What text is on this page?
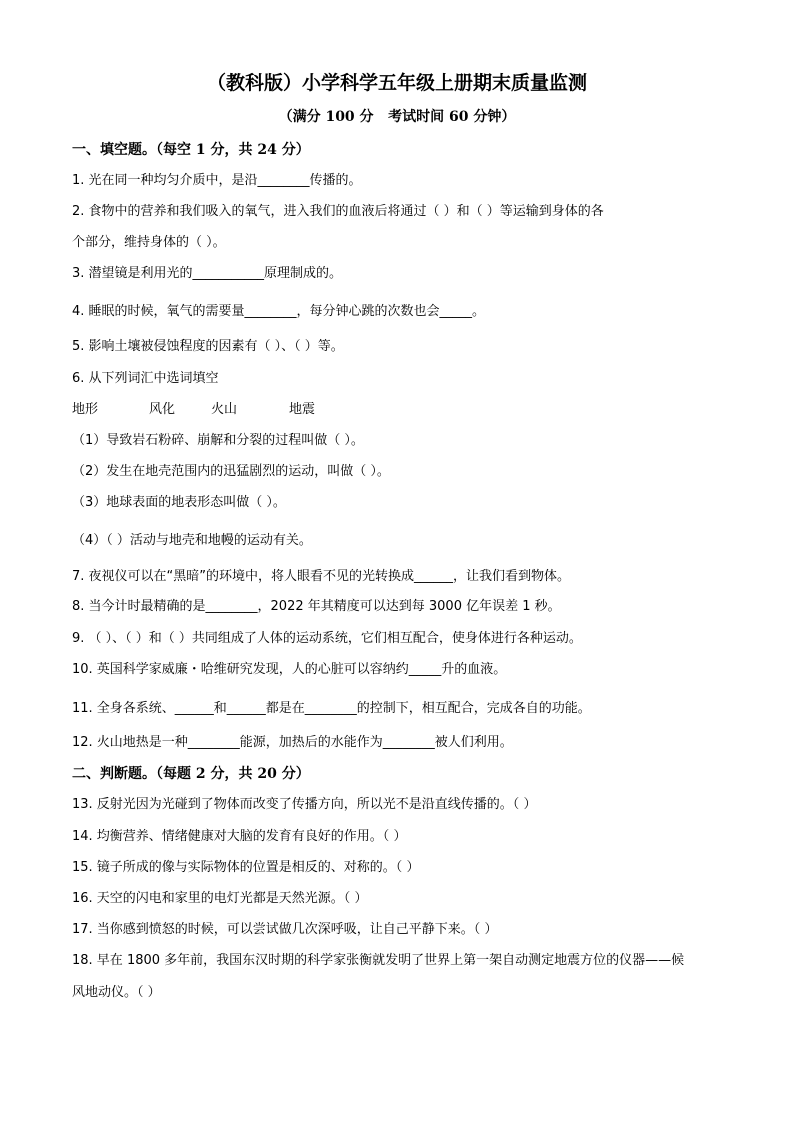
（教科版）小学科学五年级上册期末质量监测
（满分 100 分   考试时间 60 分钟）
一、填空题。（每空 1 分，共 24 分）
1. 光在同一种均匀介质中，是沿________传播的。
2. 食物中的营养和我们吸入的氧气，进入我们的血液后将通过（ ）和（ ）等运输到身体的各
个部分，维持身体的（ ）。
3. 潜望镜是利用光的___________原理制成的。
4. 睡眠的时候，氧气的需要量________，每分钟心跳的次数也会_____。
5. 影响土壤被侵蚀程度的因素有（ ）、（ ）等。
6. 从下列词汇中选词填空
地形	风化	火山	地震
（1）导致岩石粉碎、崩解和分裂的过程叫做（ ）。
（2）发生在地壳范围内的迅猛剧烈的运动，叫做（ ）。
（3）地球表面的地表形态叫做（ ）。
（4）（ ）活动与地壳和地幔的运动有关。
7. 夜视仪可以在“黑暗”的环境中，将人眼看不见的光转换成______，让我们看到物体。
8. 当今计时最精确的是________，2022 年其精度可以达到每 3000 亿年误差 1 秒。
9. （ ）、（ ）和（ ）共同组成了人体的运动系统，它们相互配合，使身体进行各种运动。
10. 英国科学家威廉・哈维研究发现，人的心脏可以容纳约_____升的血液。
11. 全身各系统、______和______都是在________的控制下，相互配合，完成各自的功能。
12. 火山地热是一种________能源，加热后的水能作为________被人们利用。
二、判断题。（每题 2 分，共 20 分）
13. 反射光因为光碰到了物体而改变了传播方向，所以光不是沿直线传播的。（ ）
14. 均衡营养、情绪健康对大脑的发育有良好的作用。（ ）
15. 镜子所成的像与实际物体的位置是相反的、对称的。（ ）
16. 天空的闪电和家里的电灯光都是天然光源。（ ）
17. 当你感到愤怒的时候，可以尝试做几次深呼吸，让自己平静下来。（ ）
18. 早在 1800 多年前，我国东汉时期的科学家张衡就发明了世界上第一架自动测定地震方位的仪器——候
风地动仪。（ ）
